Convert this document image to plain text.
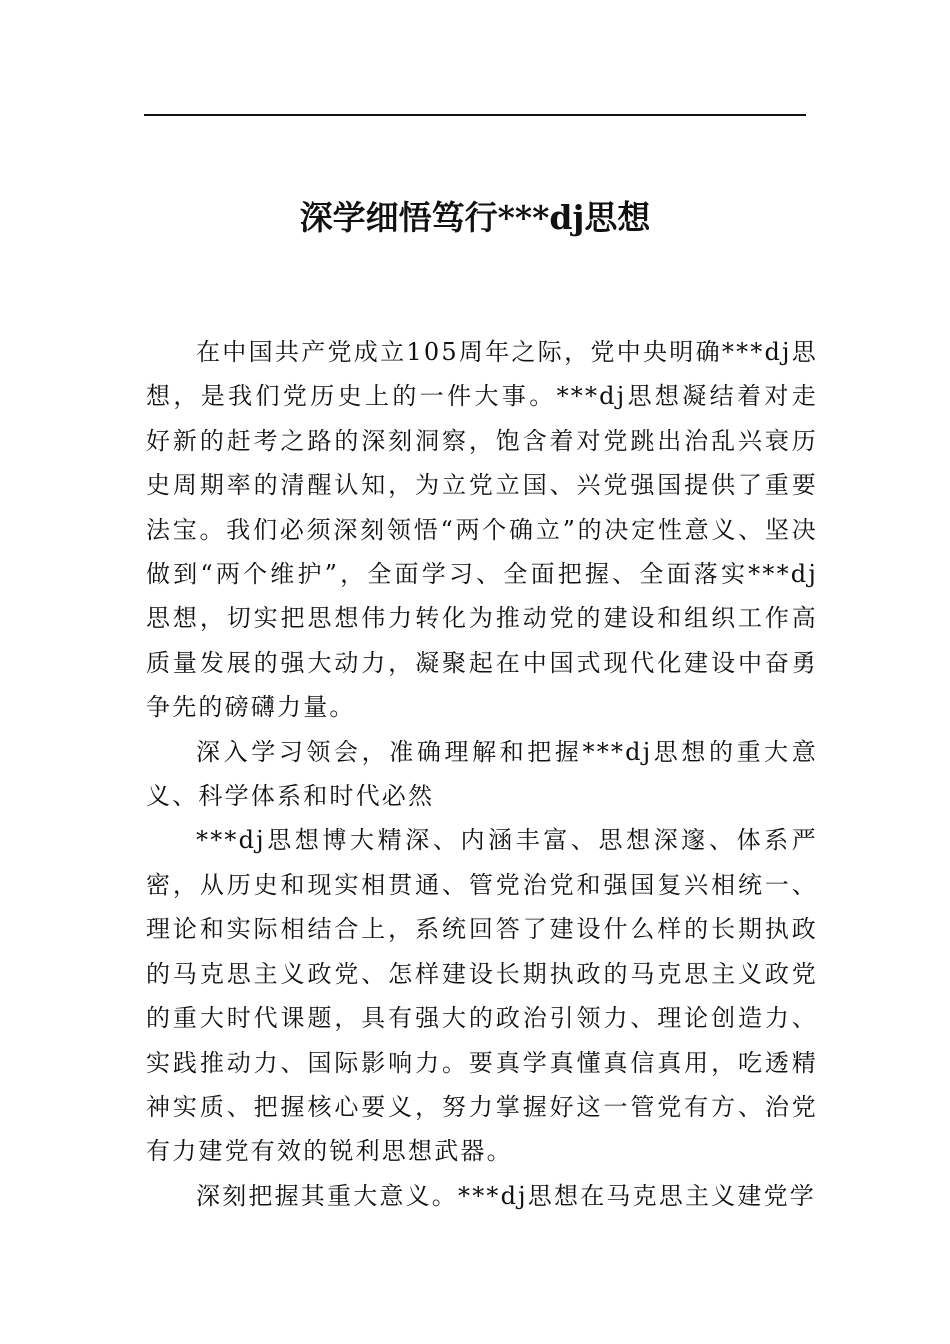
深学细悟笃行***dj思想

在中国共产党成立105周年之际，党中央明确***dj思想，是我们党历史上的一件大事。***dj思想凝结着对走好新的赶考之路的深刻洞察，饱含着对党跳出治乱兴衰历史周期率的清醒认知，为立党立国、兴党强国提供了重要法宝。我们必须深刻领悟“两个确立”的决定性意义、坚决做到“两个维护”，全面学习、全面把握、全面落实***dj思想，切实把思想伟力转化为推动党的建设和组织工作高质量发展的强大动力，凝聚起在中国式现代化建设中奋勇争先的磅礴力量。

深入学习领会，准确理解和把握***dj思想的重大意义、科学体系和时代必然

***dj思想博大精深、内涵丰富、思想深邃、体系严密，从历史和现实相贯通、管党治党和强国复兴相统一、理论和实际相结合上，系统回答了建设什么样的长期执政的马克思主义政党、怎样建设长期执政的马克思主义政党的重大时代课题，具有强大的政治引领力、理论创造力、实践推动力、国际影响力。要真学真懂真信真用，吃透精神实质、把握核心要义，努力掌握好这一管党有方、治党有力建党有效的锐利思想武器。

深刻把握其重大意义。***dj思想在马克思主义建党学
